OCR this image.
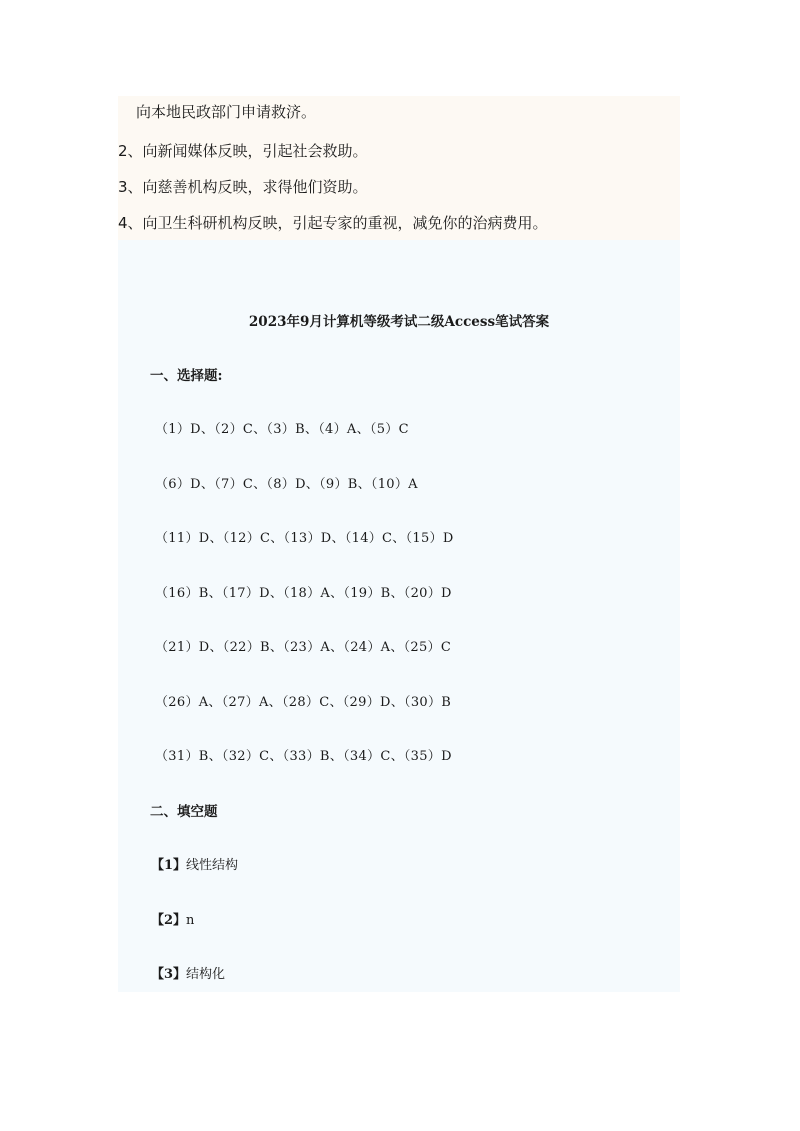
向本地民政部门申请救济。
2、向新闻媒体反映，引起社会救助。
3、向慈善机构反映，求得他们资助。
4、向卫生科研机构反映，引起专家的重视，减免你的治病费用。
2023年9月计算机等级考试二级Access笔试答案
一、选择题:
（1）D、（2）C、（3）B、（4）A、（5）C
（6）D、（7）C、（8）D、（9）B、（10）A
（11）D、（12）C、（13）D、（14）C、（15）D
（16）B、（17）D、（18）A、（19）B、（20）D
（21）D、（22）B、（23）A、（24）A、（25）C
（26）A、（27）A、（28）C、（29）D、（30）B
（31）B、（32）C、（33）B、（34）C、（35）D
二、填空题
【1】线性结构
【2】n
【3】结构化
